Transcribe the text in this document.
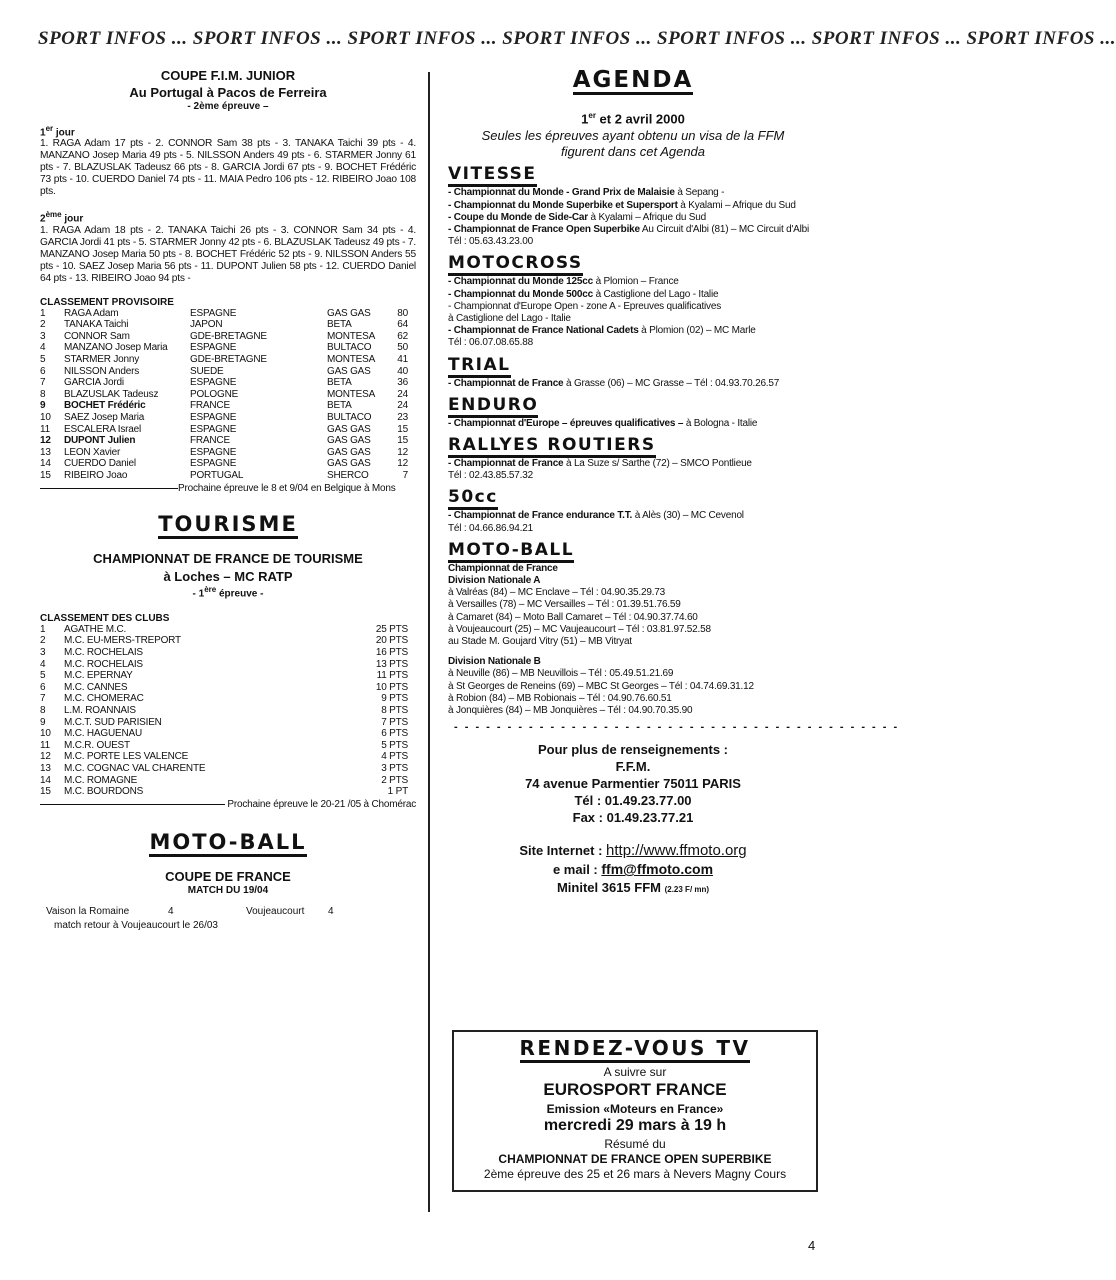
SPORT INFOS ... SPORT INFOS ... SPORT INFOS ... SPORT INFOS ... SPORT INFOS ... SPORT INFOS ... SPORT INFOS ...
COUPE F.I.M. JUNIOR
Au Portugal à Pacos de Ferreira
- 2ème épreuve –
1er jour
1. RAGA Adam 17 pts - 2. CONNOR Sam 38 pts - 3. TANAKA Taichi 39 pts - 4. MANZANO Josep Maria 49 pts - 5. NILSSON Anders 49 pts - 6. STARMER Jonny 61 pts - 7. BLAZUSLAK Tadeusz 66 pts - 8. GARCIA Jordi 67 pts - 9. BOCHET Frédéric 73 pts - 10. CUERDO Daniel 74 pts - 11. MAIA Pedro 106 pts - 12. RIBEIRO Joao 108 pts.
2ème jour
1. RAGA Adam 18 pts - 2. TANAKA Taichi 26 pts - 3. CONNOR Sam 34 pts - 4. GARCIA Jordi 41 pts - 5. STARMER Jonny 42 pts - 6. BLAZUSLAK Tadeusz 49 pts - 7. MANZANO Josep Maria 50 pts - 8. BOCHET Frédéric 52 pts - 9. NILSSON Anders 55 pts - 10. SAEZ Josep Maria 56 pts - 11. DUPONT Julien 58 pts - 12. CUERDO Daniel 64 pts - 13. RIBEIRO Joao 94 pts -
CLASSEMENT PROVISOIRE
1	RAGA Adam	ESPAGNE	GAS GAS	80
2	TANAKA Taichi	JAPON	BETA	64
3	CONNOR Sam	GDE-BRETAGNE	MONTESA	62
4	MANZANO Josep Maria	ESPAGNE	BULTACO	50
5	STARMER Jonny	GDE-BRETAGNE	MONTESA	41
6	NILSSON Anders	SUEDE	GAS GAS	40
7	GARCIA Jordi	ESPAGNE	BETA	36
8	BLAZUSLAK Tadeusz	POLOGNE	MONTESA	24
9	BOCHET Frédéric	FRANCE	BETA	24
10	SAEZ Josep Maria	ESPAGNE	BULTACO	23
11	ESCALERA Israel	ESPAGNE	GAS GAS	15
12	DUPONT Julien	FRANCE	GAS GAS	15
13	LEON Xavier	ESPAGNE	GAS GAS	12
14	CUERDO Daniel	ESPAGNE	GAS GAS	12
15	RIBEIRO Joao	PORTUGAL	SHERCO	7
Prochaine épreuve le 8 et 9/04 en Belgique à Mons
TOURISME
CHAMPIONNAT DE FRANCE DE TOURISME
à Loches – MC RATP
- 1ère épreuve -
CLASSEMENT DES CLUBS
1	AGATHE M.C.	25 PTS
2	M.C. EU-MERS-TREPORT	20 PTS
3	M.C. ROCHELAIS	16 PTS
4	M.C. ROCHELAIS	13 PTS
5	M.C. EPERNAY	11 PTS
6	M.C. CANNES	10 PTS
7	M.C. CHOMERAC	9 PTS
8	L.M. ROANNAIS	8 PTS
9	M.C.T. SUD PARISIEN	7 PTS
10	M.C. HAGUENAU	6 PTS
11	M.C.R. OUEST	5 PTS
12	M.C. PORTE LES VALENCE	4 PTS
13	M.C. COGNAC VAL CHARENTE	3 PTS
14	M.C. ROMAGNE	2 PTS
15	M.C. BOURDONS	1 PT
Prochaine épreuve le 20-21 /05 à Chomérac
MOTO-BALL
COUPE DE FRANCE
MATCH DU 19/04
Vaison la Romaine	4	Voujeaucourt 4
match retour à Voujeaucourt le 26/03
AGENDA
1er et 2 avril 2000
Seules les épreuves ayant obtenu un visa de la FFM
figurent dans cet Agenda
VITESSE
- Championnat du Monde - Grand Prix de Malaisie à Sepang -
- Championnat du Monde Superbike et Supersport à Kyalami – Afrique du Sud
- Coupe du Monde de Side-Car à Kyalami – Afrique du Sud
- Championnat de France Open Superbike Au Circuit d'Albi (81) – MC Circuit d'Albi
Tél : 05.63.43.23.00
MOTOCROSS
- Championnat du Monde 125cc à Plomion – France
- Championnat du Monde 500cc à Castiglione del Lago - Italie
- Championnat d'Europe Open - zone A - Epreuves qualificatives
à Castiglione del Lago - Italie
- Championnat de France National Cadets à Plomion (02) – MC Marle
Tél : 06.07.08.65.88
TRIAL
- Championnat de France à Grasse (06) – MC Grasse – Tél : 04.93.70.26.57
ENDURO
- Championnat d'Europe – épreuves qualificatives – à Bologna - Italie
RALLYES ROUTIERS
- Championnat de France à La Suze s/ Sarthe (72) – SMCO Pontlieue
Tél : 02.43.85.57.32
50cc
- Championnat de France endurance T.T. à Alès (30) – MC Cevenol
Tél : 04.66.86.94.21
MOTO-BALL
Championnat de France
Division Nationale A
à Valréas (84) – MC Enclave – Tél : 04.90.35.29.73
à Versailles (78) – MC Versailles – Tél : 01.39.51.76.59
à Camaret (84) – Moto Ball Camaret – Tél : 04.90.37.74.60
à Voujeaucourt (25) – MC Vaujeaucourt – Tél : 03.81.97.52.58
au Stade M. Goujard Vitry (51) – MB Vitryat
Division Nationale B
à Neuville (86) – MB Neuvillois – Tél : 05.49.51.21.69
à St Georges de Reneins (69) – MBC St Georges – Tél : 04.74.69.31.12
à Robion (84) – MB Robionais – Tél : 04.90.76.60.51
à Jonquières (84) – MB Jonquières – Tél : 04.90.70.35.90
- - - - - - - - - - - - - - - - - - - - - - - - - - - - - - - - - - - - - - - - - -
Pour plus de renseignements :
F.F.M.
74 avenue Parmentier 75011 PARIS
Tél : 01.49.23.77.00
Fax : 01.49.23.77.21
Site Internet : http://www.ffmoto.org
e mail : ffm@ffmoto.com
Minitel 3615 FFM (2.23 F/ mn)
RENDEZ-VOUS TV
A suivre sur
EUROSPORT FRANCE
Emission «Moteurs en France»
mercredi 29 mars à 19 h
Résumé du
CHAMPIONNAT DE FRANCE OPEN SUPERBIKE
2ème épreuve des 25 et 26 mars à Nevers Magny Cours
4
